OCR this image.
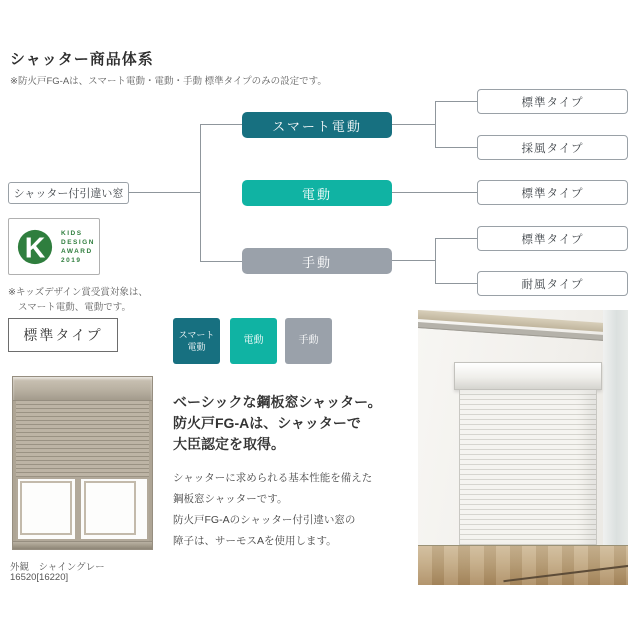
シャッター商品体系
※防火戸FG-Aは、スマート電動・電動・手動 標準タイプのみの設定です。
シャッター付引違い窓
スマート電動
電動
手動
標準タイプ
採風タイプ
標準タイプ
標準タイプ
耐風タイプ
K KIDS
DESIGN
AWARD
2019
※キッズデザイン賞受賞対象は、
スマート電動、電動です。
標準タイプ	スマート
電動
電動	手動
ベーシックな鋼板窓シャッター。
防火戸FG-Aは、シャッターで
大臣認定を取得。
シャッターに求められる基本性能を備えた
鋼板窓シャッターです。
防火戸FG-Aのシャッター付引違い窓の
障子は、サーモスAを使用します。
外観　シャイングレー
16520[16220]
